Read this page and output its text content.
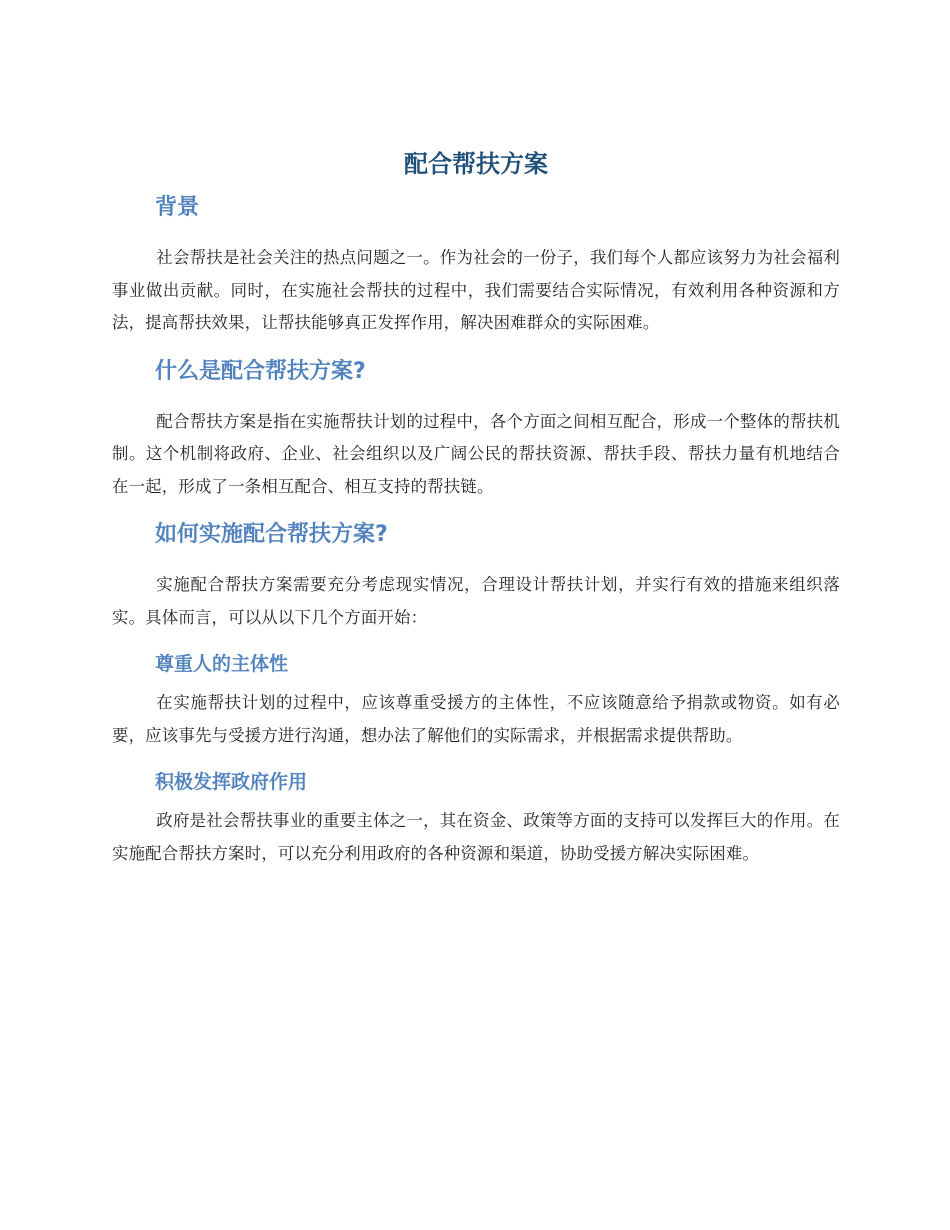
配合帮扶方案
背景

社会帮扶是社会关注的热点问题之一。作为社会的一份子，我们每个人都应该努力为社会福利事业做出贡献。同时，在实施社会帮扶的过程中，我们需要结合实际情况，有效利用各种资源和方法，提高帮扶效果，让帮扶能够真正发挥作用，解决困难群众的实际困难。

什么是配合帮扶方案?

配合帮扶方案是指在实施帮扶计划的过程中，各个方面之间相互配合，形成一个整体的帮扶机制。这个机制将政府、企业、社会组织以及广阔公民的帮扶资源、帮扶手段、帮扶力量有机地结合在一起，形成了一条相互配合、相互支持的帮扶链。

如何实施配合帮扶方案?

实施配合帮扶方案需要充分考虑现实情况，合理设计帮扶计划，并实行有效的措施来组织落实。具体而言，可以从以下几个方面开始：

尊重人的主体性

在实施帮扶计划的过程中，应该尊重受援方的主体性，不应该随意给予捐款或物资。如有必要，应该事先与受援方进行沟通，想办法了解他们的实际需求，并根据需求提供帮助。

积极发挥政府作用

政府是社会帮扶事业的重要主体之一，其在资金、政策等方面的支持可以发挥巨大的作用。在实施配合帮扶方案时，可以充分利用政府的各种资源和渠道，协助受援方解决实际困难。
